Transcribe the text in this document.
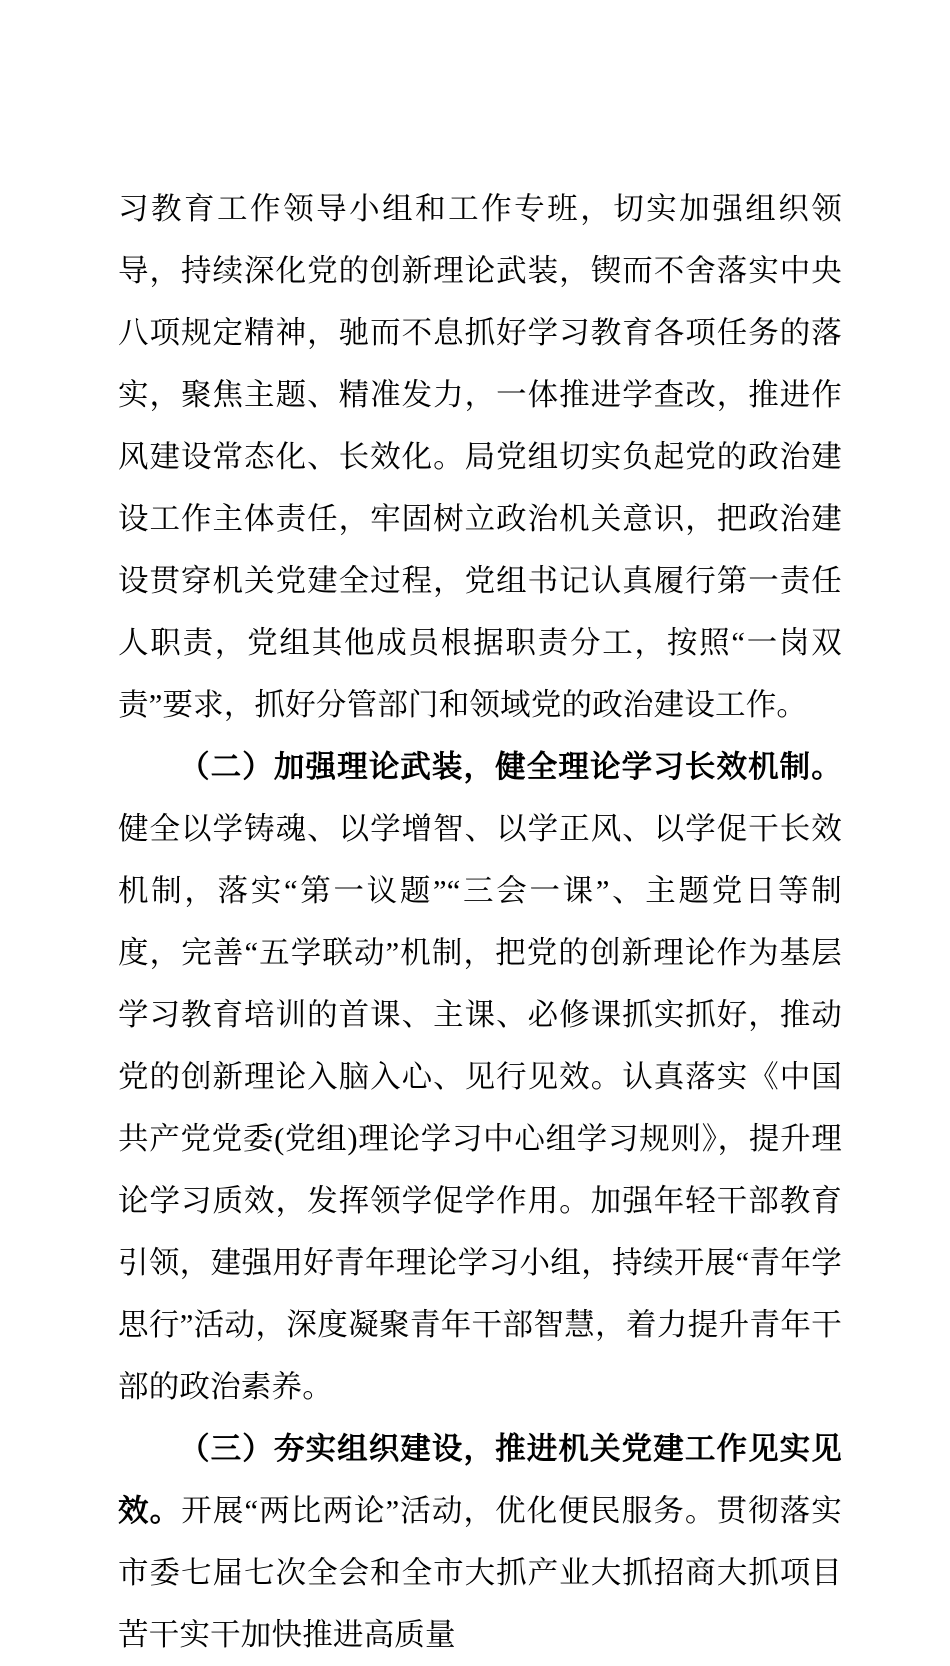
习教育工作领导小组和工作专班，切实加强组织领导，持续深化党的创新理论武装，锲而不舍落实中央八项规定精神，驰而不息抓好学习教育各项任务的落实，聚焦主题、精准发力，一体推进学查改，推进作风建设常态化、长效化。局党组切实负起党的政治建设工作主体责任，牢固树立政治机关意识，把政治建设贯穿机关党建全过程，党组书记认真履行第一责任人职责，党组其他成员根据职责分工，按照“一岗双责”要求，抓好分管部门和领域党的政治建设工作。

（二）加强理论武装，健全理论学习长效机制。健全以学铸魂、以学增智、以学正风、以学促干长效机制，落实“第一议题”“三会一课”、主题党日等制度，完善“五学联动”机制，把党的创新理论作为基层学习教育培训的首课、主课、必修课抓实抓好，推动党的创新理论入脑入心、见行见效。认真落实《中国共产党党委(党组)理论学习中心组学习规则》，提升理论学习质效，发挥领学促学作用。加强年轻干部教育引领，建强用好青年理论学习小组，持续开展“青年学思行”活动，深度凝聚青年干部智慧，着力提升青年干部的政治素养。

（三）夯实组织建设，推进机关党建工作见实见效。开展“两比两论”活动，优化便民服务。贯彻落实市委七届七次全会和全市大抓产业大抓招商大抓项目苦干实干加快推进高质量
